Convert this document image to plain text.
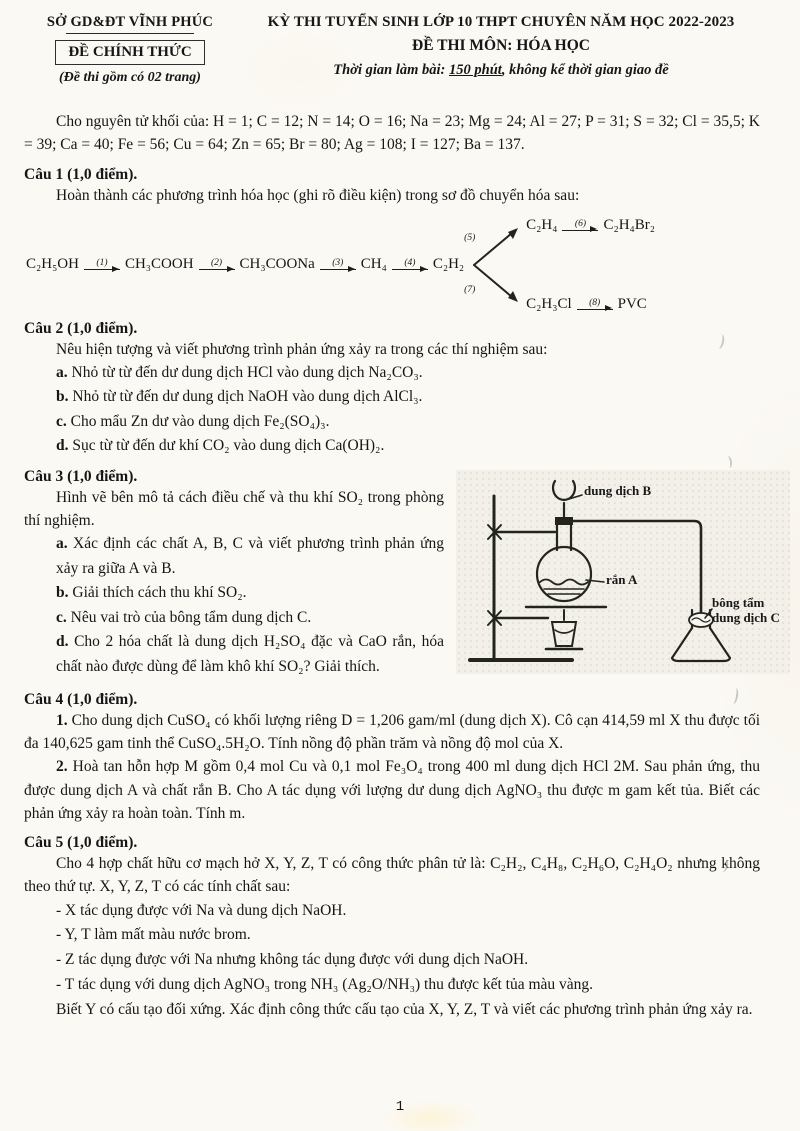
SỞ GD&ĐT VĨNH PHÚC
ĐỀ CHÍNH THỨC
(Đề thi gồm có 02 trang)
KỲ THI TUYỂN SINH LỚP 10 THPT CHUYÊN NĂM HỌC 2022-2023
ĐỀ THI MÔN: HÓA HỌC
Thời gian làm bài: 150 phút, không kể thời gian giao đề

Cho nguyên tử khối của: H = 1; C = 12; N = 14; O = 16; Na = 23; Mg = 24; Al = 27; P = 31; S = 32; Cl = 35,5; K = 39; Ca = 40; Fe = 56; Cu = 64; Zn = 65; Br = 80; Ag = 108; I = 127; Ba = 137.

Câu 1 (1,0 điểm).

Hoàn thành các phương trình hóa học (ghi rõ điều kiện) trong sơ đồ chuyển hóa sau:

C₂H₅OH (1) CH₃COOH (2) CH₃COONa (3) CH₄ (4) C₂H₂
(5)
(7)
C₂H₄ (6) C₂H₄Br₂
C₂H₃Cl (8) PVC

Câu 2 (1,0 điểm).

Nêu hiện tượng và viết phương trình phản ứng xảy ra trong các thí nghiệm sau:

a. Nhỏ từ từ đến dư dung dịch HCl vào dung dịch Na₂CO₃.

b. Nhỏ từ từ đến dư dung dịch NaOH vào dung dịch AlCl₃.

c. Cho mẩu Zn dư vào dung dịch Fe₂(SO₄)₃.

d. Sục từ từ đến dư khí CO₂ vào dung dịch Ca(OH)₂.

dung dịch B
rắn A
bông tẩm
dung dịch C

Câu 3 (1,0 điểm).

Hình vẽ bên mô tả cách điều chế và thu khí SO₂ trong phòng thí nghiệm.

a. Xác định các chất A, B, C và viết phương trình phản ứng xảy ra giữa A và B.

b. Giải thích cách thu khí SO₂.

c. Nêu vai trò của bông tẩm dung dịch C.

d. Cho 2 hóa chất là dung dịch H₂SO₄ đặc và CaO rắn, hóa chất nào được dùng để làm khô khí SO₂? Giải thích.

Câu 4 (1,0 điểm).

1. Cho dung dịch CuSO₄ có khối lượng riêng D = 1,206 gam/ml (dung dịch X). Cô cạn 414,59 ml X thu được tối đa 140,625 gam tinh thể CuSO₄.5H₂O. Tính nồng độ phần trăm và nồng độ mol của X.

2. Hoà tan hỗn hợp M gồm 0,4 mol Cu và 0,1 mol Fe₃O₄ trong 400 ml dung dịch HCl 2M. Sau phản ứng, thu được dung dịch A và chất rắn B. Cho A tác dụng với lượng dư dung dịch AgNO₃ thu được m gam kết tủa. Biết các phản ứng xảy ra hoàn toàn. Tính m.

Câu 5 (1,0 điểm).

Cho 4 hợp chất hữu cơ mạch hở X, Y, Z, T có công thức phân tử là: C₂H₂, C₄H₈, C₂H₆O, C₂H₄O₂ nhưng không theo thứ tự. X, Y, Z, T có các tính chất sau:

- X tác dụng được với Na và dung dịch NaOH.

- Y, T làm mất màu nước brom.

- Z tác dụng được với Na nhưng không tác dụng được với dung dịch NaOH.

- T tác dụng với dung dịch AgNO₃ trong NH₃ (Ag₂O/NH₃) thu được kết tủa màu vàng.

Biết Y có cấu tạo đối xứng. Xác định công thức cấu tạo của X, Y, Z, T và viết các phương trình phản ứng xảy ra.

1
